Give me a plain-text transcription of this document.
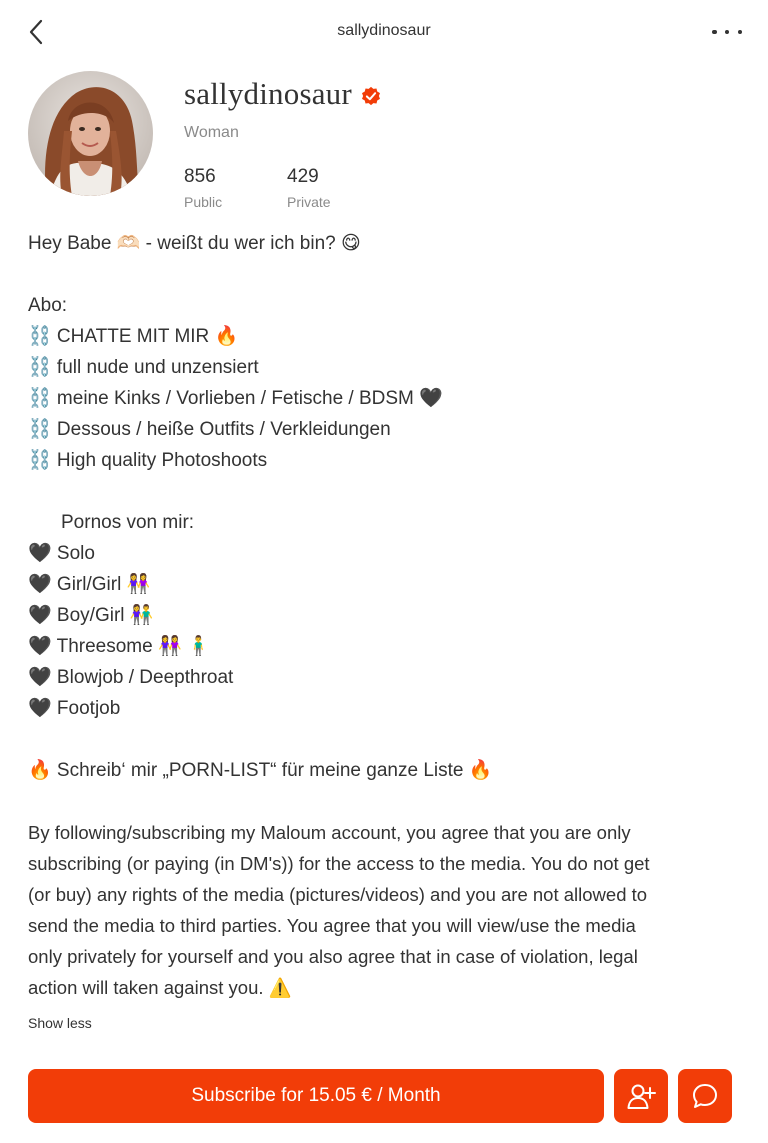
sallydinosaur
sallydinosaur
Woman
856
Public
429
Private
Hey Babe 🫶🏻 - weißt du wer ich bin? 😋
Abo:
⛓️ CHATTE MIT MIR 🔥
⛓️ full nude und unzensiert
⛓️ meine Kinks / Vorlieben / Fetische / BDSM 🖤
⛓️ Dessous / heiße Outfits / Verkleidungen
⛓️ High quality Photoshoots
Pornos von mir:
🖤 Solo
🖤 Girl/Girl 👭
🖤 Boy/Girl 👫
🖤 Threesome 👭 🧍‍♂️
🖤 Blowjob / Deepthroat
🖤 Footjob
🔥 Schreib‘ mir „PORN-LIST“ für meine ganze Liste 🔥
By following/subscribing my Maloum account, you agree that you are only
subscribing (or paying (in DM's)) for the access to the media. You do not get
(or buy) any rights of the media (pictures/videos) and you are not allowed to
send the media to third parties. You agree that you will view/use the media
only privately for yourself and you also agree that in case of violation, legal
action will taken against you. ⚠️
Show less
Subscribe for 15.05 € / Month
